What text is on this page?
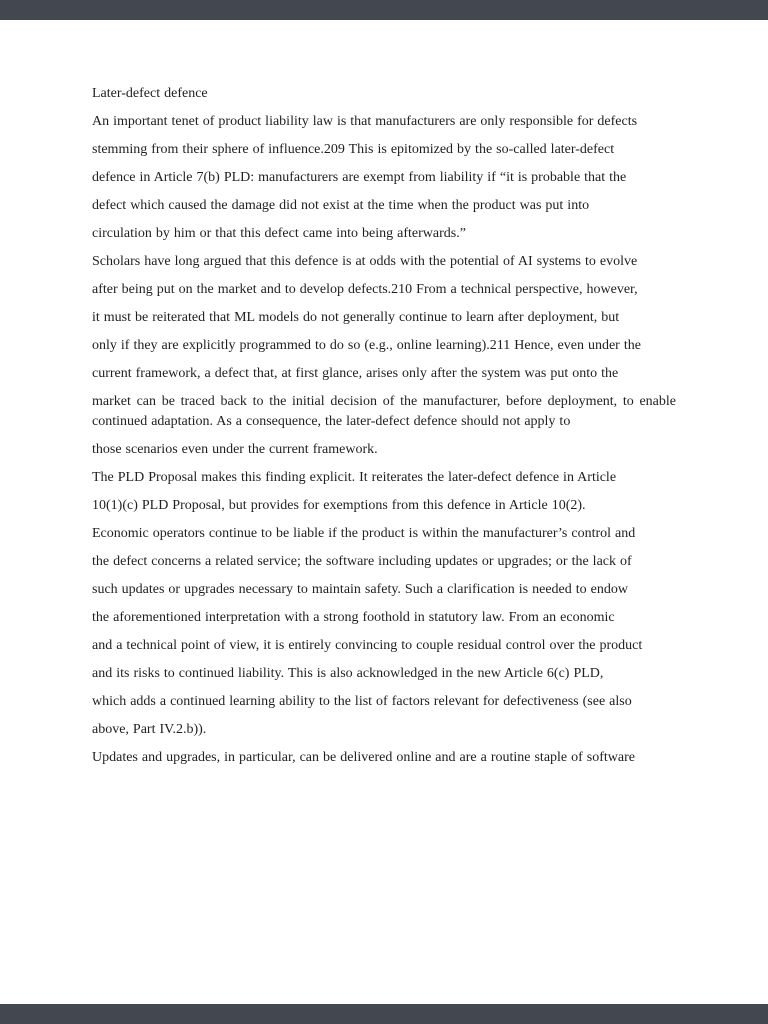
Later-defect defence

An important tenet of product liability law is that manufacturers are only responsible for defects

stemming from their sphere of influence.209 This is epitomized by the so-called later-defect

defence in Article 7(b) PLD: manufacturers are exempt from liability if “it is probable that the

defect which caused the damage did not exist at the time when the product was put into

circulation by him or that this defect came into being afterwards.”

Scholars have long argued that this defence is at odds with the potential of AI systems to evolve

after being put on the market and to develop defects.210 From a technical perspective, however,

it must be reiterated that ML models do not generally continue to learn after deployment, but

only if they are explicitly programmed to do so (e.g., online learning).211 Hence, even under the

current framework, a defect that, at first glance, arises only after the system was put onto the

market can be traced back to the initial decision of the manufacturer, before deployment, to enable continued adaptation. As a consequence, the later-defect defence should not apply to

those scenarios even under the current framework.

The PLD Proposal makes this finding explicit. It reiterates the later-defect defence in Article

10(1)(c) PLD Proposal, but provides for exemptions from this defence in Article 10(2).

Economic operators continue to be liable if the product is within the manufacturer’s control and

the defect concerns a related service; the software including updates or upgrades; or the lack of

such updates or upgrades necessary to maintain safety. Such a clarification is needed to endow

the aforementioned interpretation with a strong foothold in statutory law. From an economic

and a technical point of view, it is entirely convincing to couple residual control over the product

and its risks to continued liability. This is also acknowledged in the new Article 6(c) PLD,

which adds a continued learning ability to the list of factors relevant for defectiveness (see also

above, Part IV.2.b)).

Updates and upgrades, in particular, can be delivered online and are a routine staple of software
